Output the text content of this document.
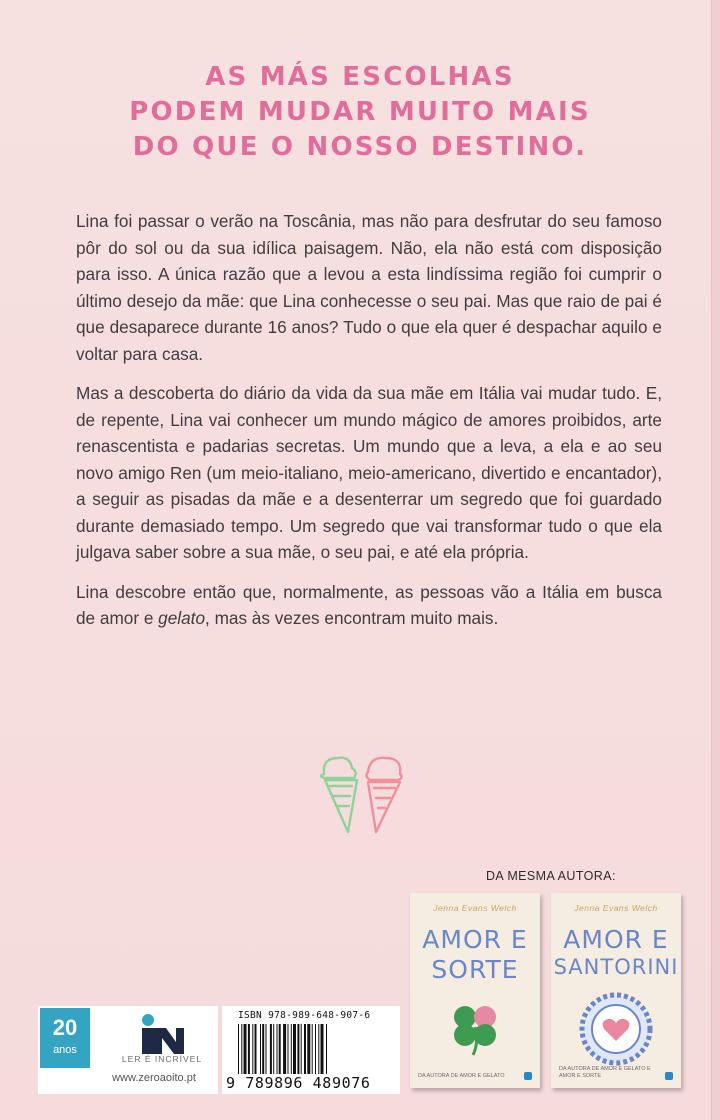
AS MÁS ESCOLHAS
PODEM MUDAR MUITO MAIS
DO QUE O NOSSO DESTINO.

Lina foi passar o verão na Toscânia, mas não para desfrutar do seu famoso pôr do sol ou da sua idílica paisagem. Não, ela não está com disposição para isso. A única razão que a levou a esta lindíssima região foi cumprir o último desejo da mãe: que Lina conhecesse o seu pai. Mas que raio de pai é que desaparece durante 16 anos? Tudo o que ela quer é despachar aquilo e voltar para casa.

Mas a descoberta do diário da vida da sua mãe em Itália vai mudar tudo. E, de repente, Lina vai conhecer um mundo mágico de amores proibidos, arte renascentista e padarias secretas. Um mundo que a leva, a ela e ao seu novo amigo Ren (um meio-italiano, meio-americano, divertido e encantador), a seguir as pisadas da mãe e a desenterrar um segredo que foi guardado durante demasiado tempo. Um segredo que vai transformar tudo o que ela julgava saber sobre a sua mãe, o seu pai, e até ela própria.

Lina descobre então que, normalmente, as pessoas vão a Itália em busca de amor e gelato, mas às vezes encontram muito mais.

DA MESMA AUTORA:
Jenna Evans Welch
AMOR E
SORTE
DA AUTORA DE AMOR E GELATO
Jenna Evans Welch
AMOR E
SANTORINI
DA AUTORA DE AMOR E GELATO E AMOR E SORTE
20
anos
LER É INCRÍVEL
www.zeroaoito.pt
ISBN 978-989-648-907-6
9 789896 489076
